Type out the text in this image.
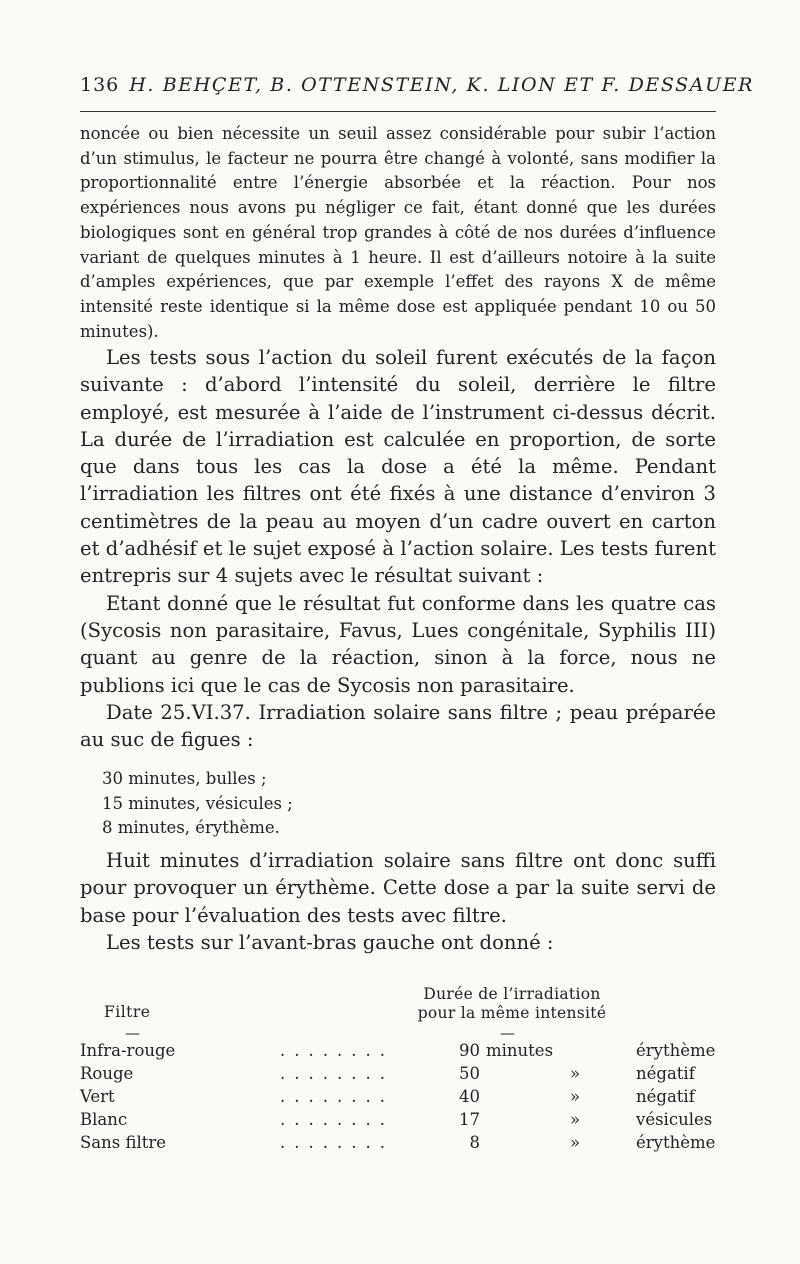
136 H. BEHÇET, B. OTTENSTEIN, K. LION ET F. DESSAUER

noncée ou bien nécessite un seuil assez considérable pour subir l’action d’un stimulus, le facteur ne pourra être changé à volonté, sans modifier la proportionnalité entre l’énergie absorbée et la réaction. Pour nos expériences nous avons pu négliger ce fait, étant donné que les durées biologiques sont en général trop grandes à côté de nos durées d’influence variant de quelques minutes à 1 heure. Il est d’ailleurs notoire à la suite d’amples expériences, que par exemple l’effet des rayons X de même intensité reste identique si la même dose est appliquée pendant 10 ou 50 minutes).

Les tests sous l’action du soleil furent exécutés de la façon suivante : d’abord l’intensité du soleil, derrière le filtre employé, est mesurée à l’aide de l’instrument ci-dessus décrit. La durée de l’irradiation est calculée en proportion, de sorte que dans tous les cas la dose a été la même. Pendant l’irradiation les filtres ont été fixés à une distance d’environ 3 centimètres de la peau au moyen d’un cadre ouvert en carton et d’adhésif et le sujet exposé à l’action solaire. Les tests furent entrepris sur 4 sujets avec le résultat suivant :

Etant donné que le résultat fut conforme dans les quatre cas (Sycosis non parasitaire, Favus, Lues congénitale, Syphilis III) quant au genre de la réaction, sinon à la force, nous ne publions ici que le cas de Sycosis non parasitaire.

Date 25.VI.37. Irradiation solaire sans filtre ; peau préparée au suc de figues :

30 minutes, bulles ;
15 minutes, vésicules ;
8 minutes, érythème.

Huit minutes d’irradiation solaire sans filtre ont donc suffi pour provoquer un érythème. Cette dose a par la suite servi de base pour l’évaluation des tests avec filtre.

Les tests sur l’avant-bras gauche ont donné :

Filtre
Durée de l’irradiation
pour la même intensité
—	—
Infra-rouge	........	90 minutes	érythème
Rouge	........	50	»	négatif
Vert	........	40	»	négatif
Blanc	........	17	»	vésicules
Sans filtre	........	8	»	érythème
